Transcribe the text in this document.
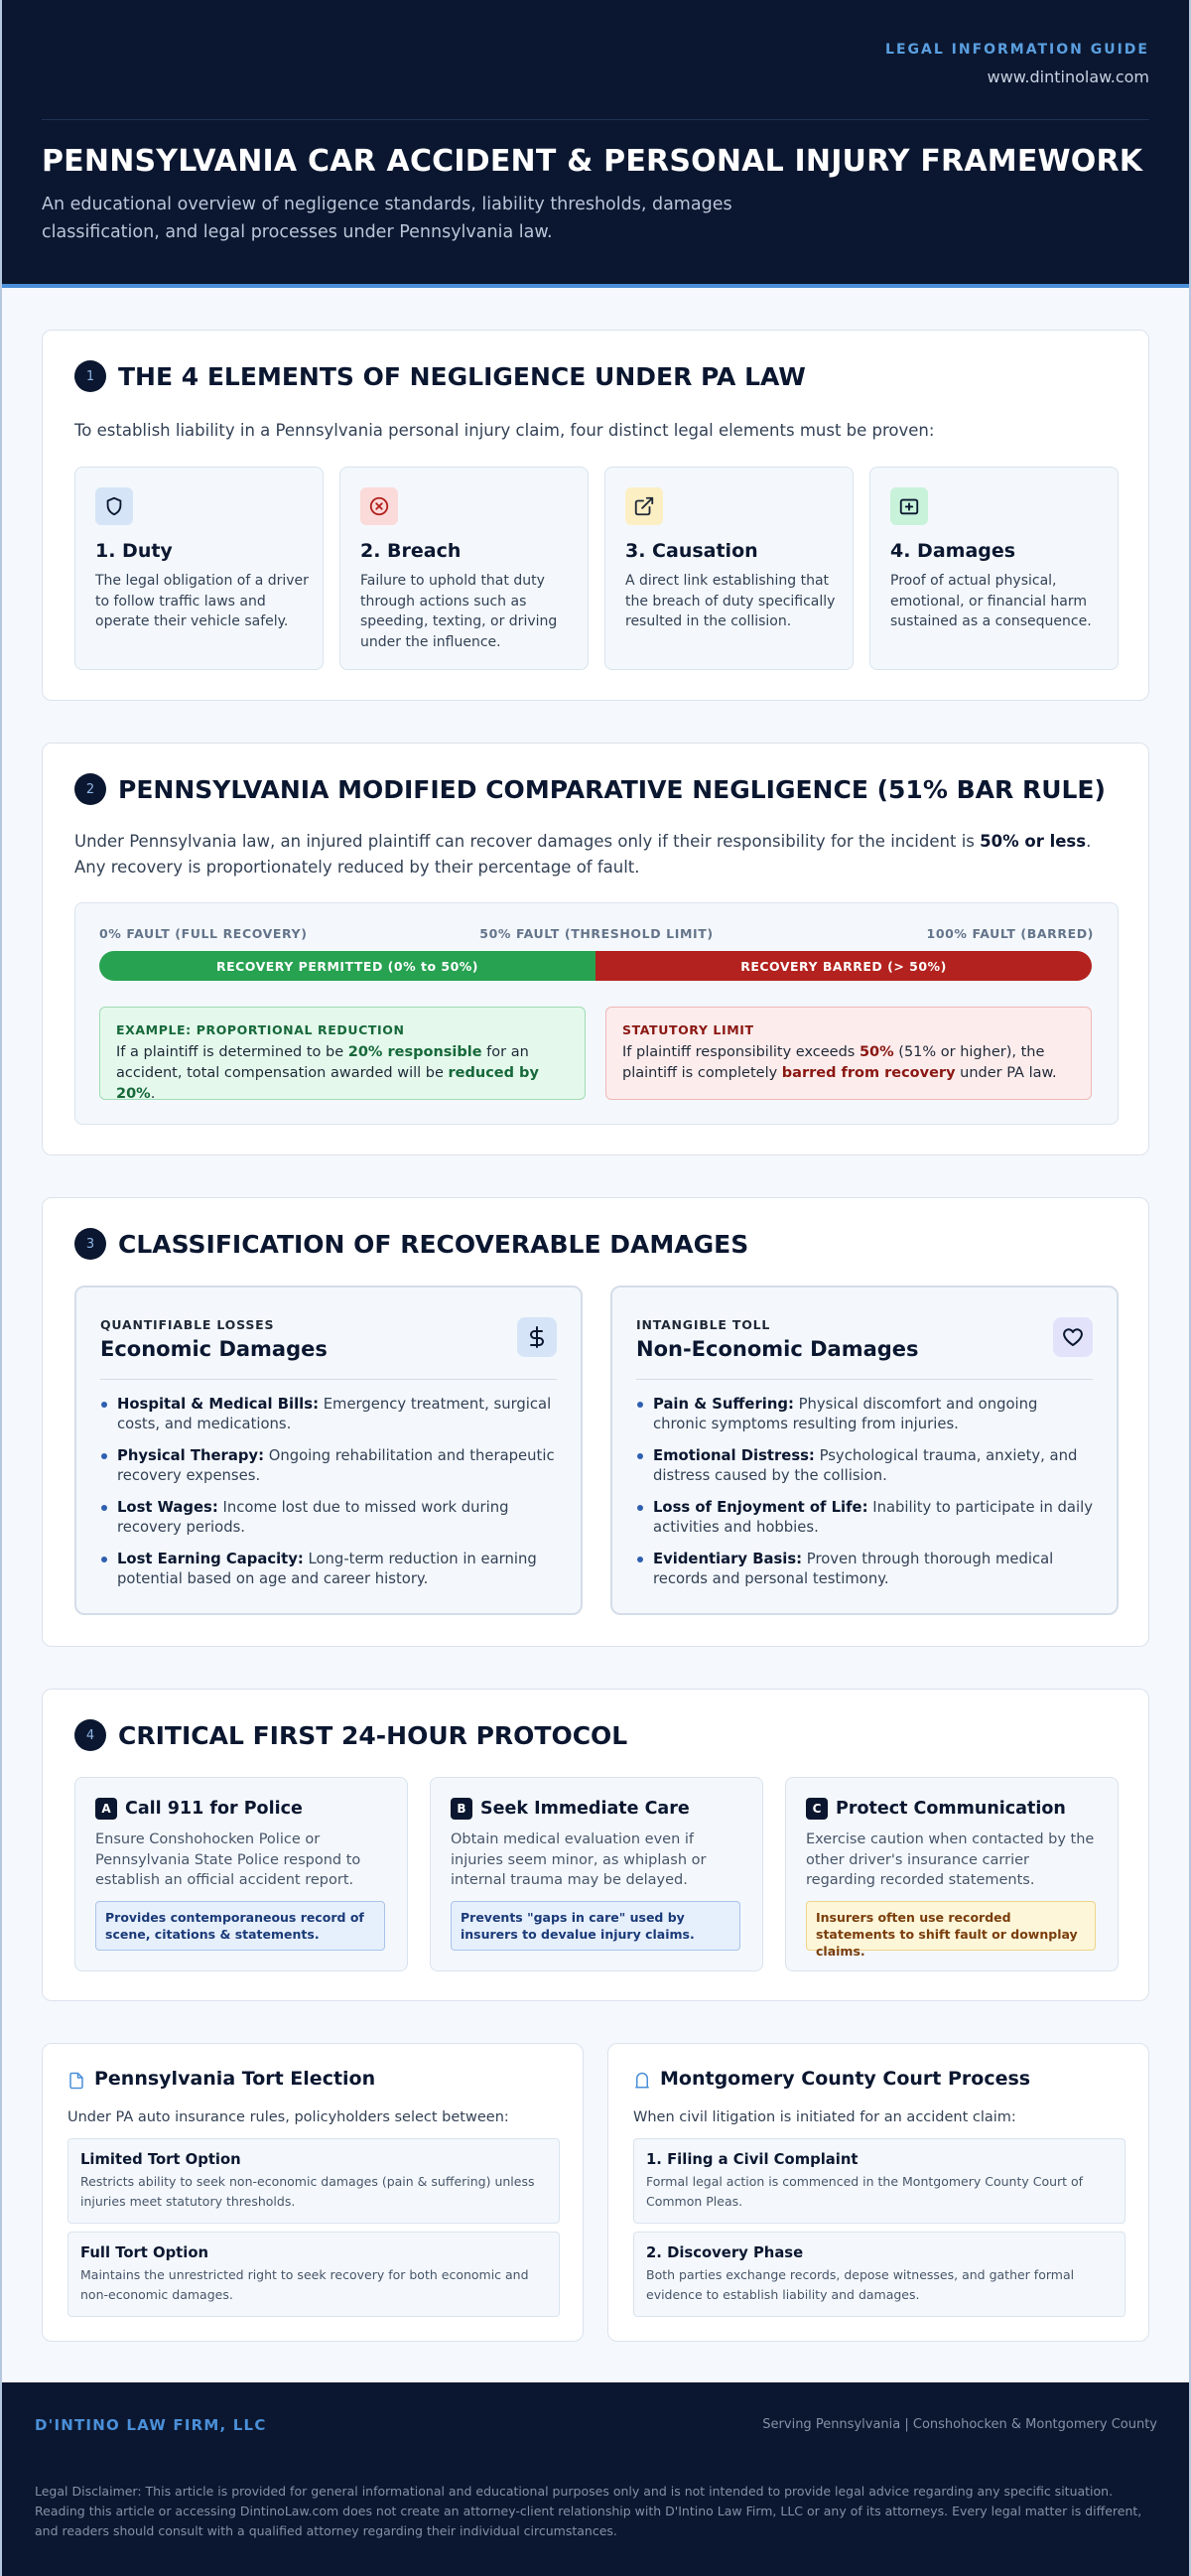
LEGAL INFORMATION GUIDE
www.dintinolaw.com
PENNSYLVANIA CAR ACCIDENT & PERSONAL INJURY FRAMEWORK

An educational overview of negligence standards, liability thresholds, damages classification, and legal processes under Pennsylvania law.

1 THE 4 ELEMENTS OF NEGLIGENCE UNDER PA LAW

To establish liability in a Pennsylvania personal injury claim, four distinct legal elements must be proven:

1. Duty
The legal obligation of a driver to follow traffic laws and operate their vehicle safely.
2. Breach
Failure to uphold that duty through actions such as speeding, texting, or driving under the influence.
3. Causation
A direct link establishing that the breach of duty specifically resulted in the collision.
4. Damages
Proof of actual physical, emotional, or financial harm sustained as a consequence.
2 PENNSYLVANIA MODIFIED COMPARATIVE NEGLIGENCE (51% BAR RULE)

Under Pennsylvania law, an injured plaintiff can recover damages only if their responsibility for the incident is 50% or less. Any recovery is proportionately reduced by their percentage of fault.

0% FAULT (FULL RECOVERY)	50% FAULT (THRESHOLD LIMIT)	100% FAULT (BARRED)
RECOVERY PERMITTED (0% to 50%)	RECOVERY BARRED (> 50%)
EXAMPLE: PROPORTIONAL REDUCTION
If a plaintiff is determined to be 20% responsible for an accident, total compensation awarded will be reduced by 20%.
STATUTORY LIMIT
If plaintiff responsibility exceeds 50% (51% or higher), the plaintiff is completely barred from recovery under PA law.
3 CLASSIFICATION OF RECOVERABLE DAMAGES
QUANTIFIABLE LOSSES
Economic Damages
Hospital & Medical Bills: Emergency treatment, surgical costs, and medications.
Physical Therapy: Ongoing rehabilitation and therapeutic recovery expenses.
Lost Wages: Income lost due to missed work during recovery periods.
Lost Earning Capacity: Long-term reduction in earning potential based on age and career history.
INTANGIBLE TOLL
Non-Economic Damages
Pain & Suffering: Physical discomfort and ongoing chronic symptoms resulting from injuries.
Emotional Distress: Psychological trauma, anxiety, and distress caused by the collision.
Loss of Enjoyment of Life: Inability to participate in daily activities and hobbies.
Evidentiary Basis: Proven through thorough medical records and personal testimony.
4 CRITICAL FIRST 24-HOUR PROTOCOL
A Call 911 for Police
Ensure Conshohocken Police or Pennsylvania State Police respond to establish an official accident report.
Provides contemporaneous record of scene, citations & statements.
B Seek Immediate Care
Obtain medical evaluation even if injuries seem minor, as whiplash or internal trauma may be delayed.
Prevents "gaps in care" used by insurers to devalue injury claims.
C Protect Communication
Exercise caution when contacted by the other driver's insurance carrier regarding recorded statements.
Insurers often use recorded statements to shift fault or downplay claims.
Pennsylvania Tort Election
Under PA auto insurance rules, policyholders select between:
Limited Tort Option
Restricts ability to seek non-economic damages (pain & suffering) unless injuries meet statutory thresholds.
Full Tort Option
Maintains the unrestricted right to seek recovery for both economic and non-economic damages.
Montgomery County Court Process
When civil litigation is initiated for an accident claim:
1. Filing a Civil Complaint
Formal legal action is commenced in the Montgomery County Court of Common Pleas.
2. Discovery Phase
Both parties exchange records, depose witnesses, and gather formal evidence to establish liability and damages.
D'INTINO LAW FIRM, LLC	Serving Pennsylvania | Conshohocken & Montgomery County

Legal Disclaimer: This article is provided for general informational and educational purposes only and is not intended to provide legal advice regarding any specific situation. Reading this article or accessing DintinoLaw.com does not create an attorney-client relationship with D'Intino Law Firm, LLC or any of its attorneys. Every legal matter is different, and readers should consult with a qualified attorney regarding their individual circumstances.
